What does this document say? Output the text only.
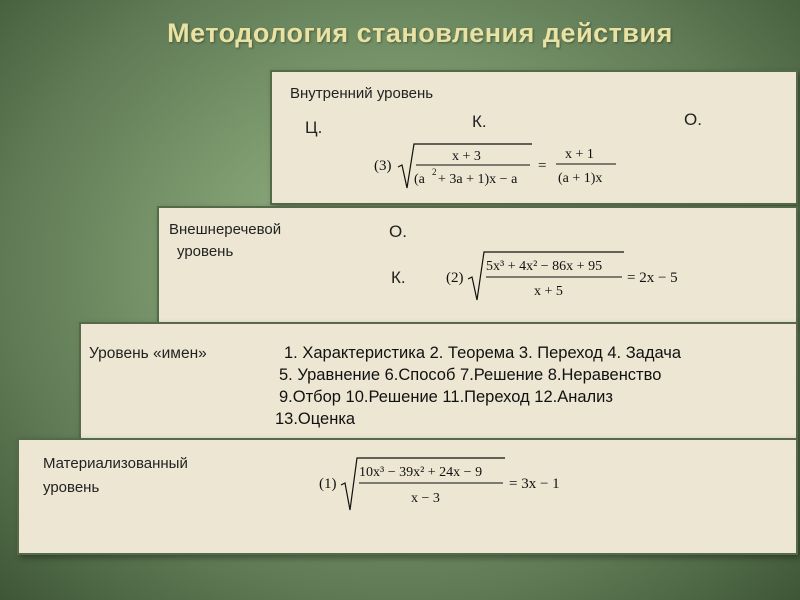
Методология становления действия
Внутренний уровень
Ц.	К.	О.
(3)
x + 3
(a 2 + 3a + 1)x − a
=
x + 1
(a + 1)x
Внешнеречевой
уровень
О.
К.	(2)
5x³ + 4x² − 86x + 95
x + 5
= 2x − 5
Уровень «имен»	1. Характеристика 2. Теорема 3. Переход 4. Задача
5. Уравнение 6.Способ 7.Решение 8.Неравенство
9.Отбор 10.Решение 11.Переход 12.Анализ
13.Оценка
Материализованный
уровень	(1)
10x³ − 39x² + 24x − 9
x − 3
= 3x − 1
